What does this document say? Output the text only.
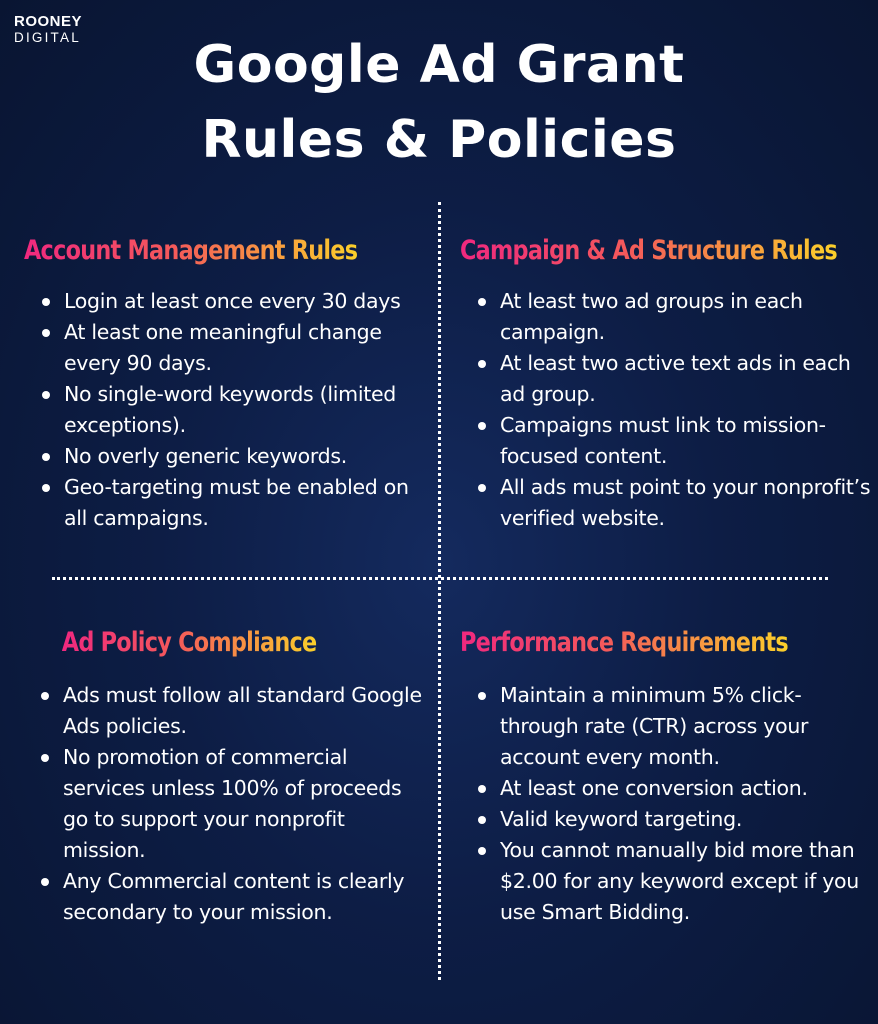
ROONEY
DIGITAL	Google Ad Grant
Rules & Policies
Account Management Rules
Login at least once every 30 days
At least one meaningful change every 90 days.
No single-word keywords (limited exceptions).
No overly generic keywords.
Geo-targeting must be enabled on all campaigns.
Campaign & Ad Structure Rules
At least two ad groups in each campaign.
At least two active text ads in each ad group.
Campaigns must link to mission-focused content.
All ads must point to your nonprofit’s verified website.
Ad Policy Compliance
Ads must follow all standard Google Ads policies.
No promotion of commercial services unless 100% of proceeds go to support your nonprofit mission.
Any Commercial content is clearly secondary to your mission.
Performance Requirements
Maintain a minimum 5% click-through rate (CTR) across your account every month.
At least one conversion action.
Valid keyword targeting.
You cannot manually bid more than $2.00 for any keyword except if you use Smart Bidding.
